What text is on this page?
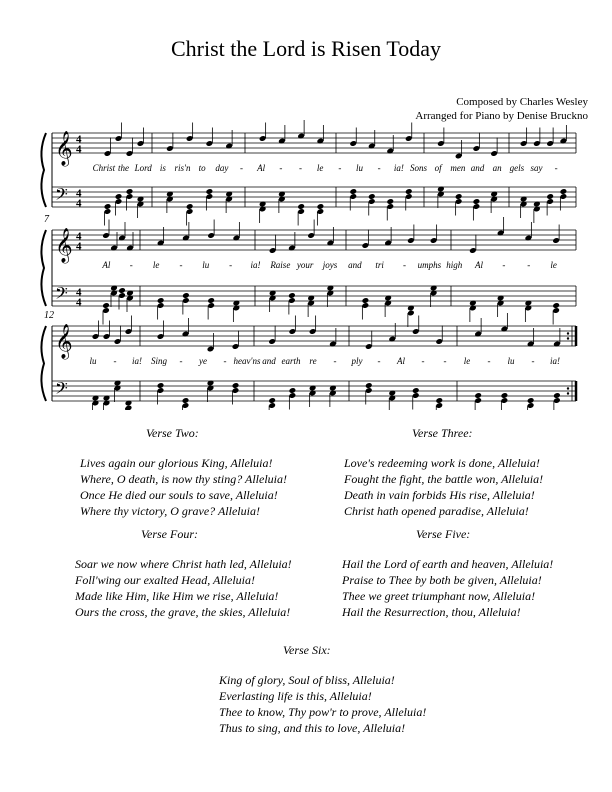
Christ the Lord is Risen Today
Composed by Charles Wesley
Arranged for Piano by Denise Bruckno
𝄞
𝄢
4
4
4
4
Christ the Lord is ris'n to day - Al - - le - lu - ia! Sons of men and an gels say -
𝄞
𝄢
4
4
4
4
7
Al - le - lu - ia! Raise your joys and tri - umphs high Al - - le
𝄞
𝄢
12
lu - ia! Sing - ye - heav'ns and earth re - ply - Al - - le - lu - ia!
Verse Two:
Lives again our glorious King, Alleluia!
Where, O death, is now thy sting? Alleluia!
Once He died our souls to save, Alleluia!
Where thy victory, O grave? Alleluia!
Verse Three:
Love's redeeming work is done, Alleluia!
Fought the fight, the battle won, Alleluia!
Death in vain forbids His rise, Alleluia!
Christ hath opened paradise, Alleluia!
Verse Four:
Soar we now where Christ hath led, Alleluia!
Foll'wing our exalted Head, Alleluia!
Made like Him, like Him we rise, Alleluia!
Ours the cross, the grave, the skies, Alleluia!
Verse Five:
Hail the Lord of earth and heaven, Alleluia!
Praise to Thee by both be given, Alleluia!
Thee we greet triumphant now, Alleluia!
Hail the Resurrection, thou, Alleluia!
Verse Six:
King of glory, Soul of bliss, Alleluia!
Everlasting life is this, Alleluia!
Thee to know, Thy pow'r to prove, Alleluia!
Thus to sing, and this to love, Alleluia!
